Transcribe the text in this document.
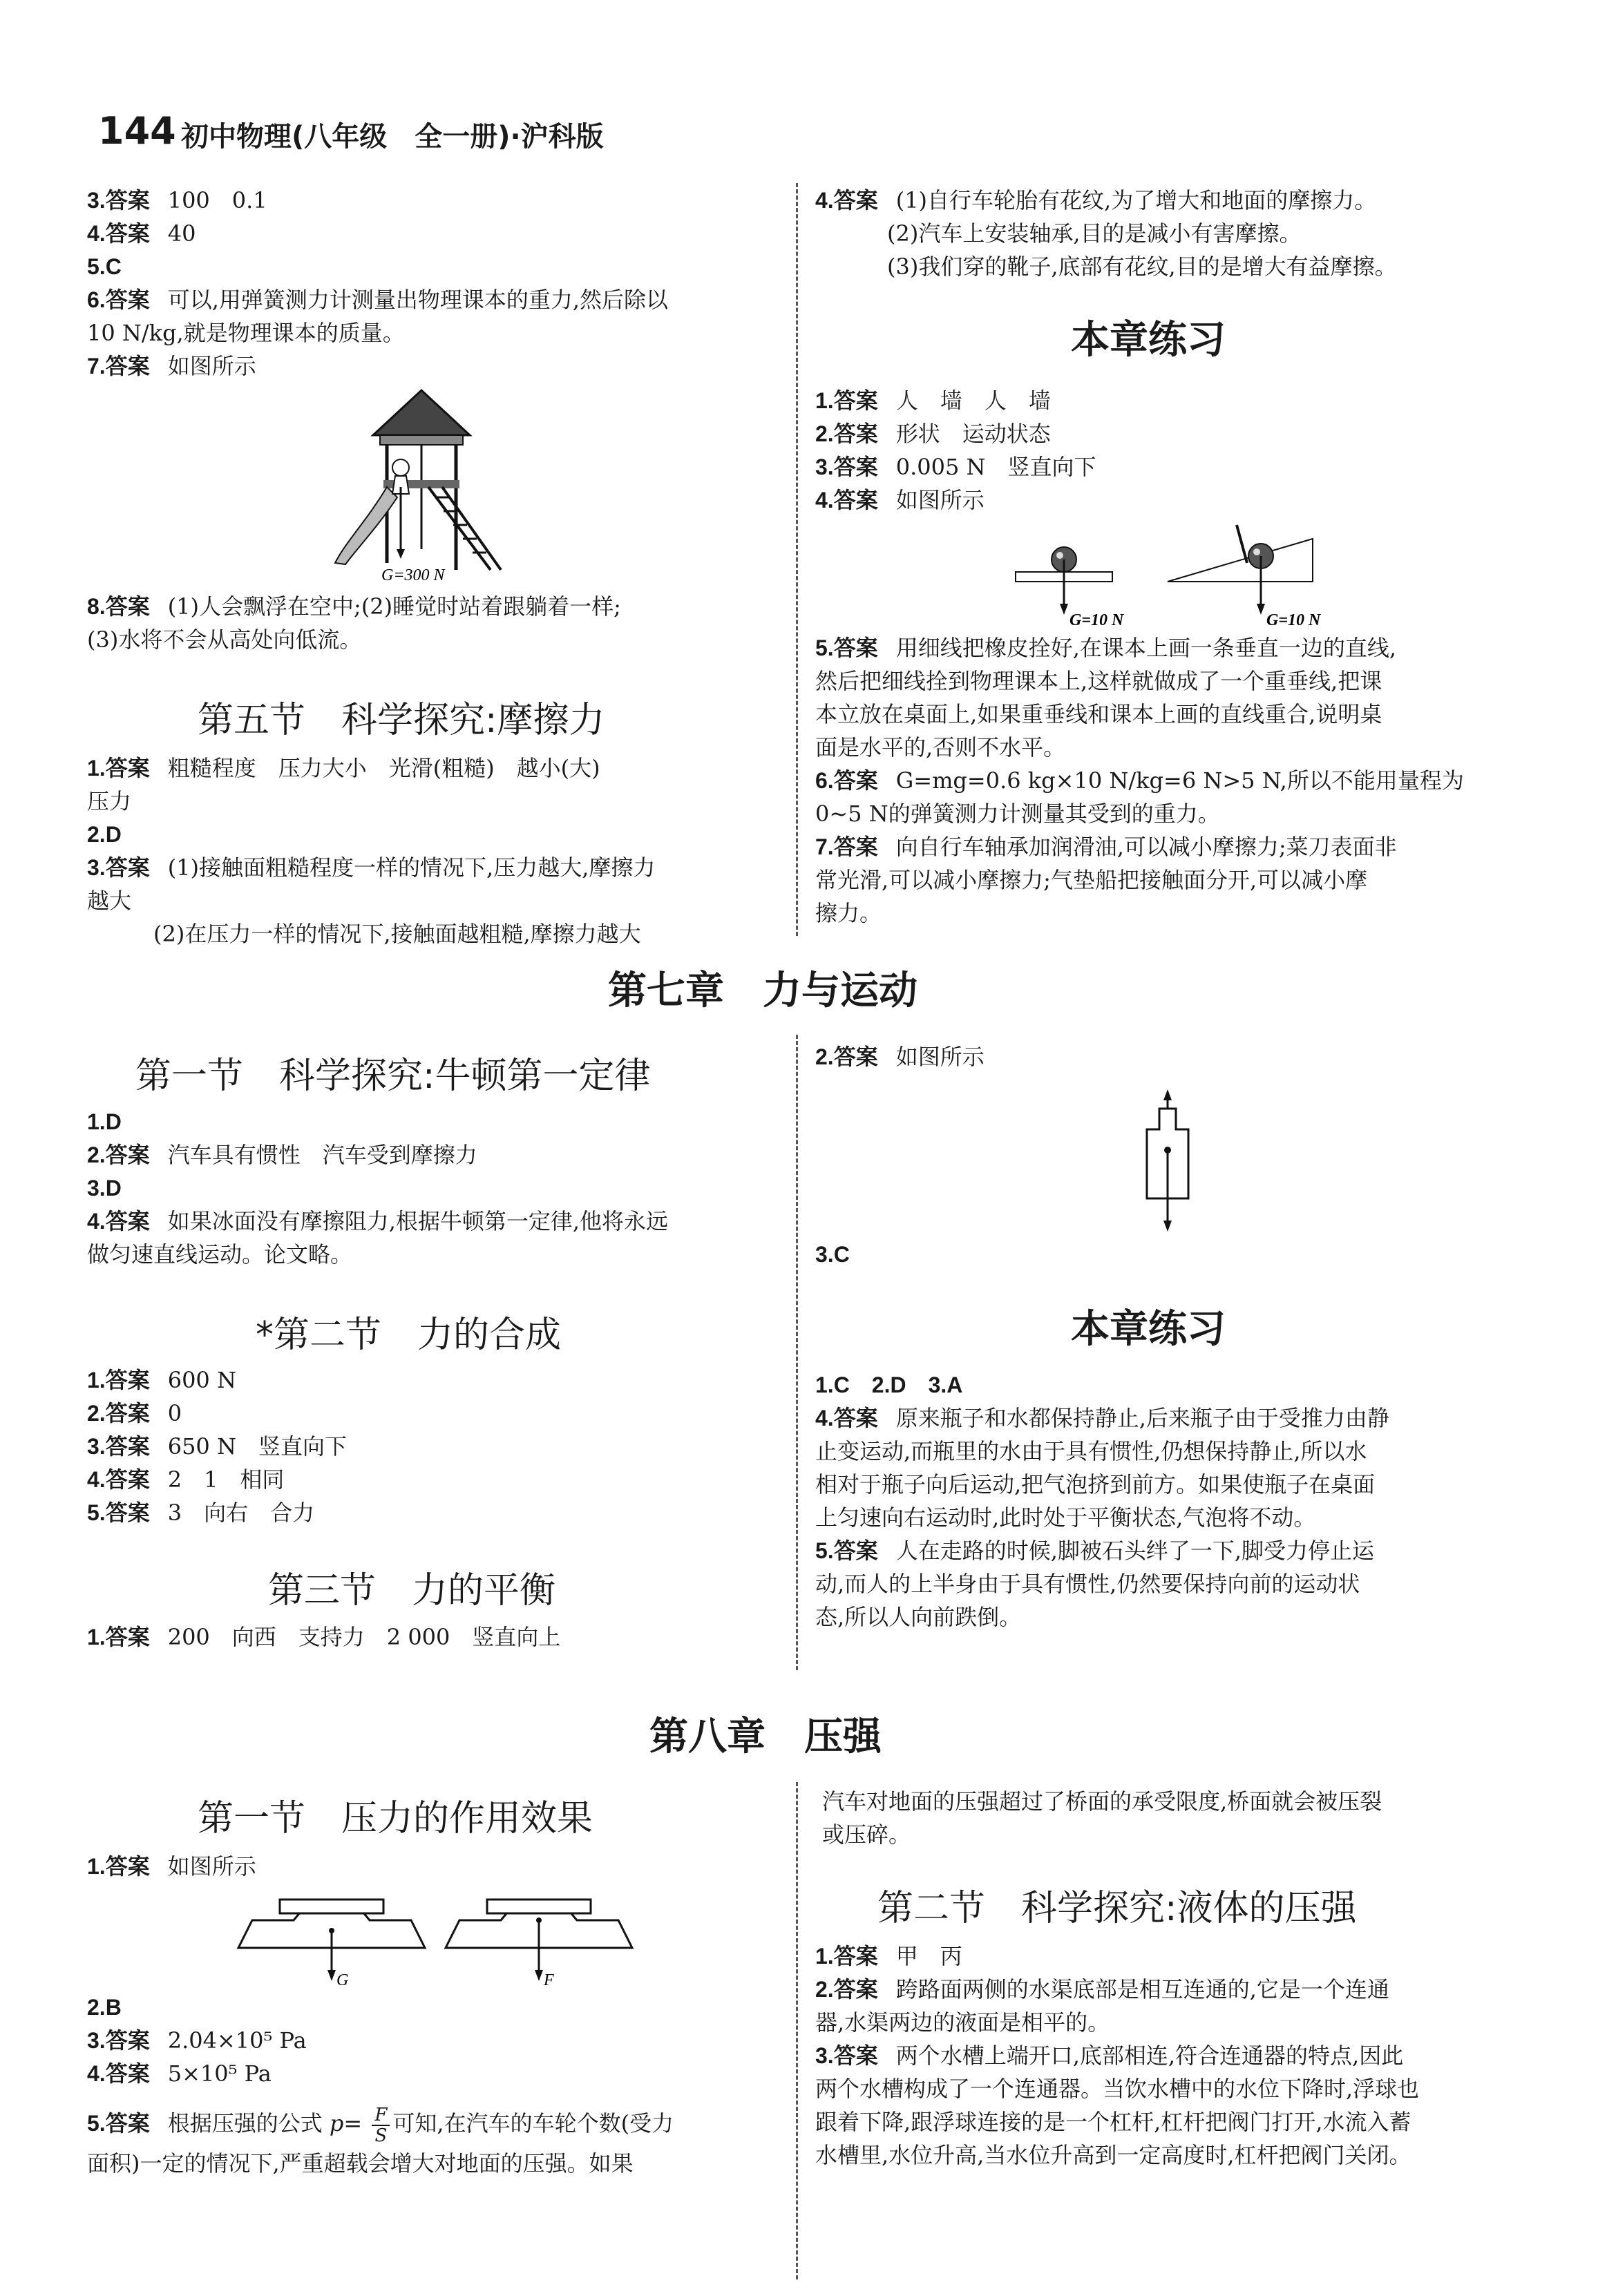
144 初中物理(八年级　全一册)·沪科版
3.答案 100　0.1
4.答案 40
5.C
6.答案 可以,用弹簧测力计测量出物理课本的重力,然后除以
10 N/kg,就是物理课本的质量。
7.答案 如图所示
G=300 N
8.答案 (1)人会飘浮在空中;(2)睡觉时站着跟躺着一样;
(3)水将不会从高处向低流。
第五节　科学探究:摩擦力
1.答案 粗糙程度　压力大小　光滑(粗糙)　越小(大)
压力
2.D
3.答案 (1)接触面粗糙程度一样的情况下,压力越大,摩擦力
越大
(2)在压力一样的情况下,接触面越粗糙,摩擦力越大
4.答案 (1)自行车轮胎有花纹,为了增大和地面的摩擦力。
(2)汽车上安装轴承,目的是减小有害摩擦。
(3)我们穿的靴子,底部有花纹,目的是增大有益摩擦。
本章练习
1.答案 人　墙　人　墙
2.答案 形状　运动状态
3.答案 0.005 N　竖直向下
4.答案 如图所示
G=10 N	G=10 N
5.答案 用细线把橡皮拴好,在课本上画一条垂直一边的直线,
然后把细线拴到物理课本上,这样就做成了一个重垂线,把课
本立放在桌面上,如果重垂线和课本上画的直线重合,说明桌
面是水平的,否则不水平。
6.答案 G=mg=0.6 kg×10 N/kg=6 N>5 N,所以不能用量程为
0~5 N的弹簧测力计测量其受到的重力。
7.答案 向自行车轴承加润滑油,可以减小摩擦力;菜刀表面非
常光滑,可以减小摩擦力;气垫船把接触面分开,可以减小摩
擦力。
第七章　力与运动
第一节　科学探究:牛顿第一定律
1.D
2.答案 汽车具有惯性　汽车受到摩擦力
3.D
4.答案 如果冰面没有摩擦阻力,根据牛顿第一定律,他将永远
做匀速直线运动。论文略。
*第二节　力的合成
1.答案 600 N
2.答案 0
3.答案 650 N　竖直向下
4.答案 2　1　相同
5.答案 3　向右　合力
第三节　力的平衡
1.答案 200　向西　支持力　2 000　竖直向上
2.答案 如图所示
3.C
本章练习
1.C　2.D　3.A
4.答案 原来瓶子和水都保持静止,后来瓶子由于受推力由静
止变运动,而瓶里的水由于具有惯性,仍想保持静止,所以水
相对于瓶子向后运动,把气泡挤到前方。如果使瓶子在桌面
上匀速向右运动时,此时处于平衡状态,气泡将不动。
5.答案 人在走路的时候,脚被石头绊了一下,脚受力停止运
动,而人的上半身由于具有惯性,仍然要保持向前的运动状
态,所以人向前跌倒。
第八章　压强
第一节　压力的作用效果
1.答案 如图所示
G	F
2.B
3.答案 2.04×10⁵ Pa
4.答案 5×10⁵ Pa
5.答案 根据压强的公式 $p= \frac{F}{S}$ 可知,在汽车的车轮个数(受力
面积)一定的情况下,严重超载会增大对地面的压强。如果
汽车对地面的压强超过了桥面的承受限度,桥面就会被压裂
或压碎。
第二节　科学探究:液体的压强
1.答案 甲　丙
2.答案 跨路面两侧的水渠底部是相互连通的,它是一个连通
器,水渠两边的液面是相平的。
3.答案 两个水槽上端开口,底部相连,符合连通器的特点,因此
两个水槽构成了一个连通器。当饮水槽中的水位下降时,浮球也
跟着下降,跟浮球连接的是一个杠杆,杠杆把阀门打开,水流入蓄
水槽里,水位升高,当水位升高到一定高度时,杠杆把阀门关闭。
